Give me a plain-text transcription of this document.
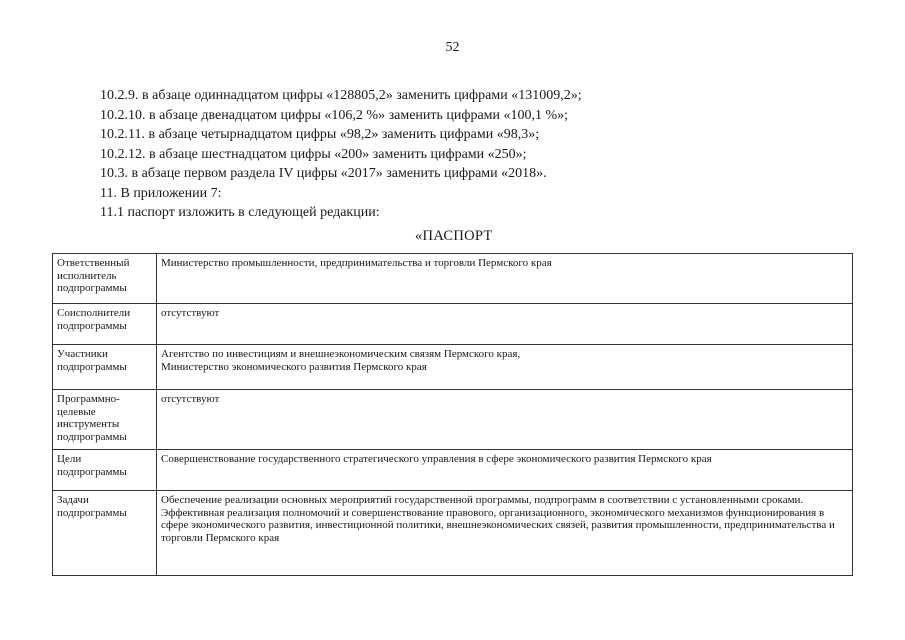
52
10.2.9. в абзаце одиннадцатом цифры «128805,2» заменить цифрами «131009,2»;
10.2.10. в абзаце двенадцатом цифры «106,2 %» заменить цифрами «100,1 %»;
10.2.11. в абзаце четырнадцатом цифры «98,2» заменить цифрами «98,3»;
10.2.12. в абзаце шестнадцатом цифры «200» заменить цифрами «250»;
10.3. в абзаце первом раздела IV цифры «2017» заменить цифрами «2018».
11. В приложении 7:
11.1 паспорт изложить в следующей редакции:
«ПАСПОРТ
Ответственный исполнитель подпрограммы	Министерство промышленности, предпринимательства и торговли Пермского края
Соисполнители подпрограммы	отсутствуют
Участники подпрограммы	Агентство по инвестициям и внешнеэкономическим связям Пермского края,
Министерство экономического развития Пермского края

Программно-целевые инструменты подпрограммы	отсутствуют
Цели подпрограммы	Совершенствование государственного стратегического управления в сфере экономического развития Пермского края
Задачи подпрограммы	Обеспечение реализации основных мероприятий государственной программы, подпрограмм в соответствии с установленными сроками.
Эффективная реализация полномочий и совершенствование правового, организационного, экономического механизмов функционирования в сфере экономического развития, инвестиционной политики, внешнеэкономических связей, развития промышленности, предпринимательства и торговли Пермского края
